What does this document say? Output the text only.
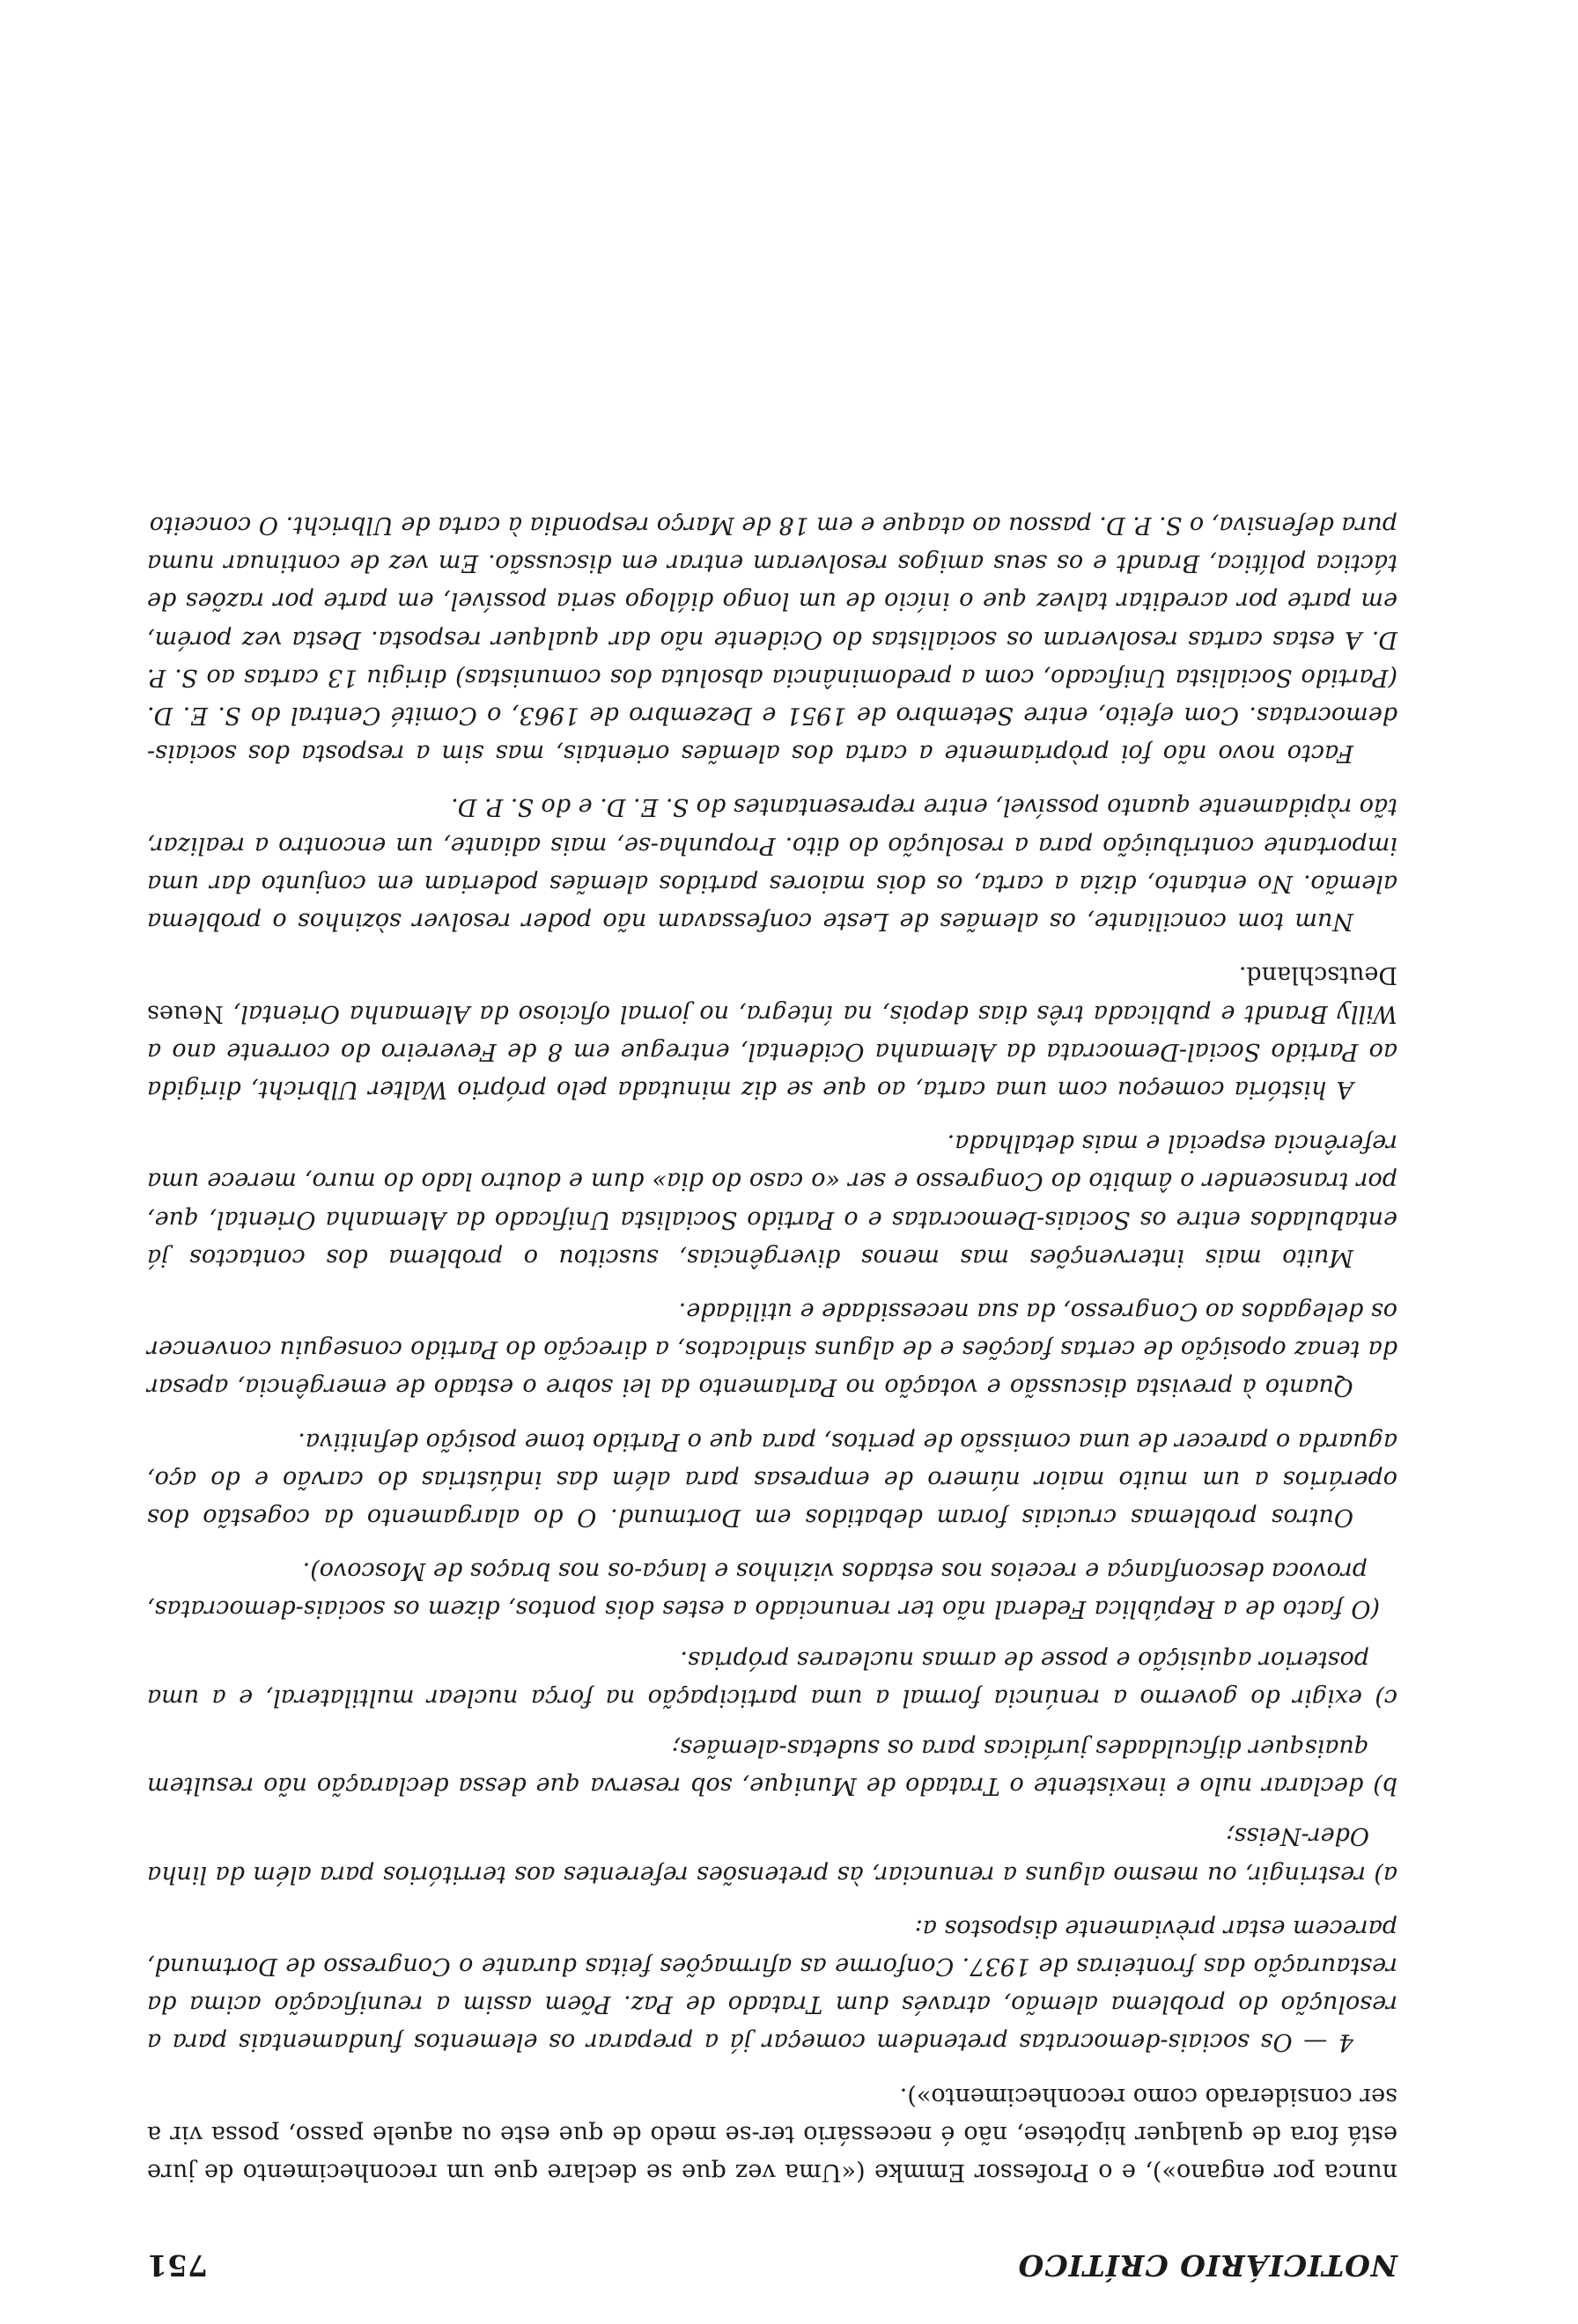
NOTICIÁRIO CRÍTICO
751

nunca por engano»), e o Professor Emmke («Uma vez que se declare que um reconhecimento de jure está fora de qualquer hipótese, não é necessário ter-se medo de que este ou aquele passo, possa vir a ser considerado como reconhecimento»).

4 — Os sociais-democratas pretendem começar já a preparar os elementos fundamentais para a resolução do problema alemão, através dum Tratado de Paz. Põem assim a reunificação acima da restauração das fronteiras de 1937. Conforme as afirmações feitas durante o Congresso de Dortmund, parecem estar prèviamente dispostos a:

a) restringir, ou mesmo alguns a renunciar, às pretensões referentes aos territórios para além da linha Oder-Neiss;

b) declarar nulo e inexistente o Tratado de Munique, sob reserva que dessa declaração não resultem quaisquer dificuldades jurídicas para os sudetas-alemães;

c) exigir do governo a renúncia formal a uma participação na força nuclear multilateral, e a uma posterior aquisição e posse de armas nucleares próprias.

(O facto de a República Federal não ter renunciado a estes dois pontos, dizem os sociais-democratas, provoca desconfiança e receios nos estados vizinhos e lança-os nos braços de Moscovo).

Outros problemas cruciais foram debatidos em Dortmund. O do alargamento da cogestão dos operários a um muito maior número de empresas para além das indústrias do carvão e do aço, aguarda o parecer de uma comissão de peritos, para que o Partido tome posição definitiva.

Quanto à prevista discussão e votação no Parlamento da lei sobre o estado de emergência, apesar da tenaz oposição de certas facções e de alguns sindicatos, a direcção do Partido conseguiu convencer os delegados ao Congresso, da sua necessidade e utilidade.

Muito mais intervenções mas menos divergências, suscitou o problema dos contactos já entabulados entre os Sociais-Democratas e o Partido Socialista Unificado da Alemanha Oriental, que, por transcender o âmbito do Congresso e ser «o caso do dia» dum e doutro lado do muro, merece uma referência especial e mais detalhada.

A história começou com uma carta, ao que se diz minutada pelo próprio Walter Ulbricht, dirigida ao Partido Social-Democrata da Alemanha Ocidental, entregue em 8 de Fevereiro do corrente ano a Willy Brandt e publicada três dias depois, na íntegra, no jornal oficioso da Alemanha Oriental, Neues Deutschland.

Num tom conciliante, os alemães de Leste confessavam não poder resolver sòzinhos o problema alemão. No entanto, dizia a carta, os dois maiores partidos alemães poderiam em conjunto dar uma importante contribuição para a resolução do dito. Propunha-se, mais adiante, um encontro a realizar, tão ràpidamente quanto possível, entre representantes do S. E. D. e do S. P. D.

Facto novo não foi pròpriamente a carta dos alemães orientais, mas sim a resposta dos sociais-democratas. Com efeito, entre Setembro de 1951 e Dezembro de 1963, o Comité Central do S. E. D. (Partido Socialista Unificado, com a predominância absoluta dos comunistas) dirigiu 13 cartas ao S. P. D. A estas cartas resolveram os socialistas do Ocidente não dar qualquer resposta. Desta vez porém, em parte por acreditar talvez que o início de um longo diálogo seria possível, em parte por razões de táctica política, Brandt e os seus amigos resolveram entrar em discussão. Em vez de continuar numa pura defensiva, o S. P. D. passou ao ataque e em 18 de Março respondia à carta de Ulbricht. O conceito
